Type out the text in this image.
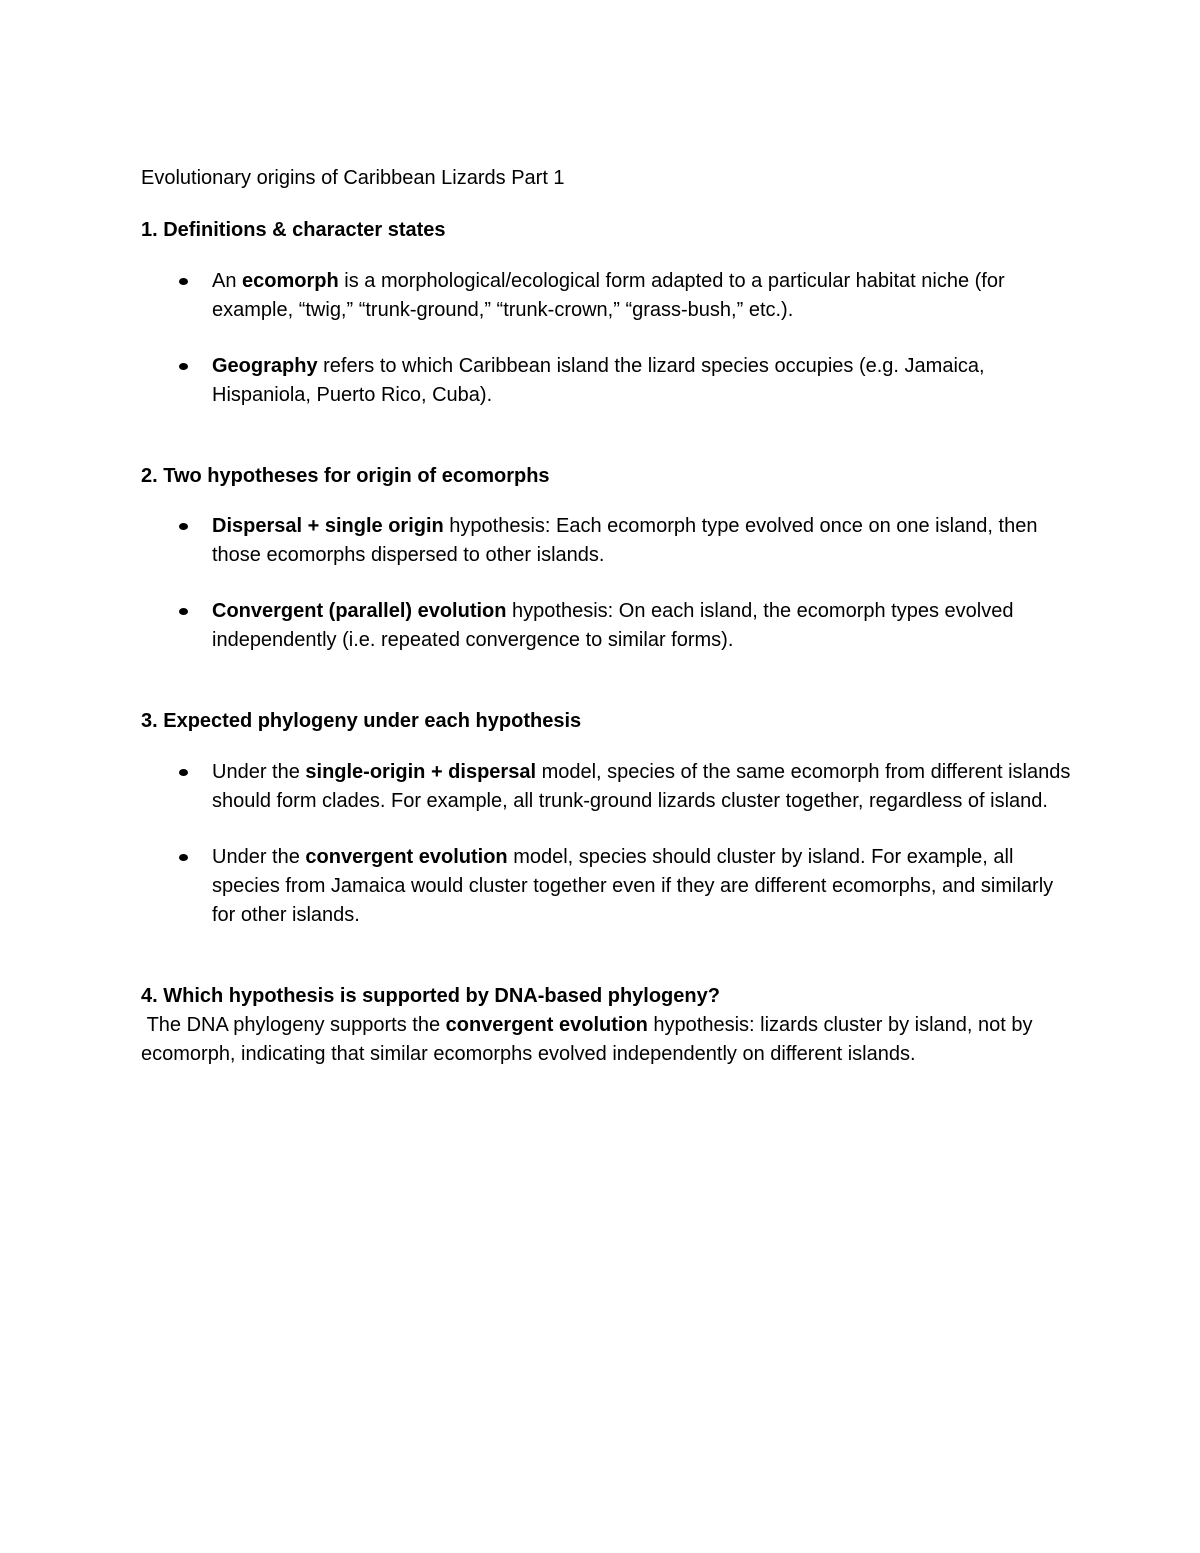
Evolutionary origins of Caribbean Lizards Part 1
1. Definitions & character states
An ecomorph is a morphological/ecological form adapted to a particular habitat niche (for example, “twig,” “trunk-ground,” “trunk-crown,” “grass-bush,” etc.).
Geography refers to which Caribbean island the lizard species occupies (e.g. Jamaica, Hispaniola, Puerto Rico, Cuba).
2. Two hypotheses for origin of ecomorphs
Dispersal + single origin hypothesis: Each ecomorph type evolved once on one island, then those ecomorphs dispersed to other islands.
Convergent (parallel) evolution hypothesis: On each island, the ecomorph types evolved independently (i.e. repeated convergence to similar forms).
3. Expected phylogeny under each hypothesis
Under the single-origin + dispersal model, species of the same ecomorph from different islands should form clades. For example, all trunk-ground lizards cluster together, regardless of island.
Under the convergent evolution model, species should cluster by island. For example, all species from Jamaica would cluster together even if they are different ecomorphs, and similarly for other islands.
4. Which hypothesis is supported by DNA-based phylogeny?

The DNA phylogeny supports the convergent evolution hypothesis: lizards cluster by island, not by ecomorph, indicating that similar ecomorphs evolved independently on different islands.
